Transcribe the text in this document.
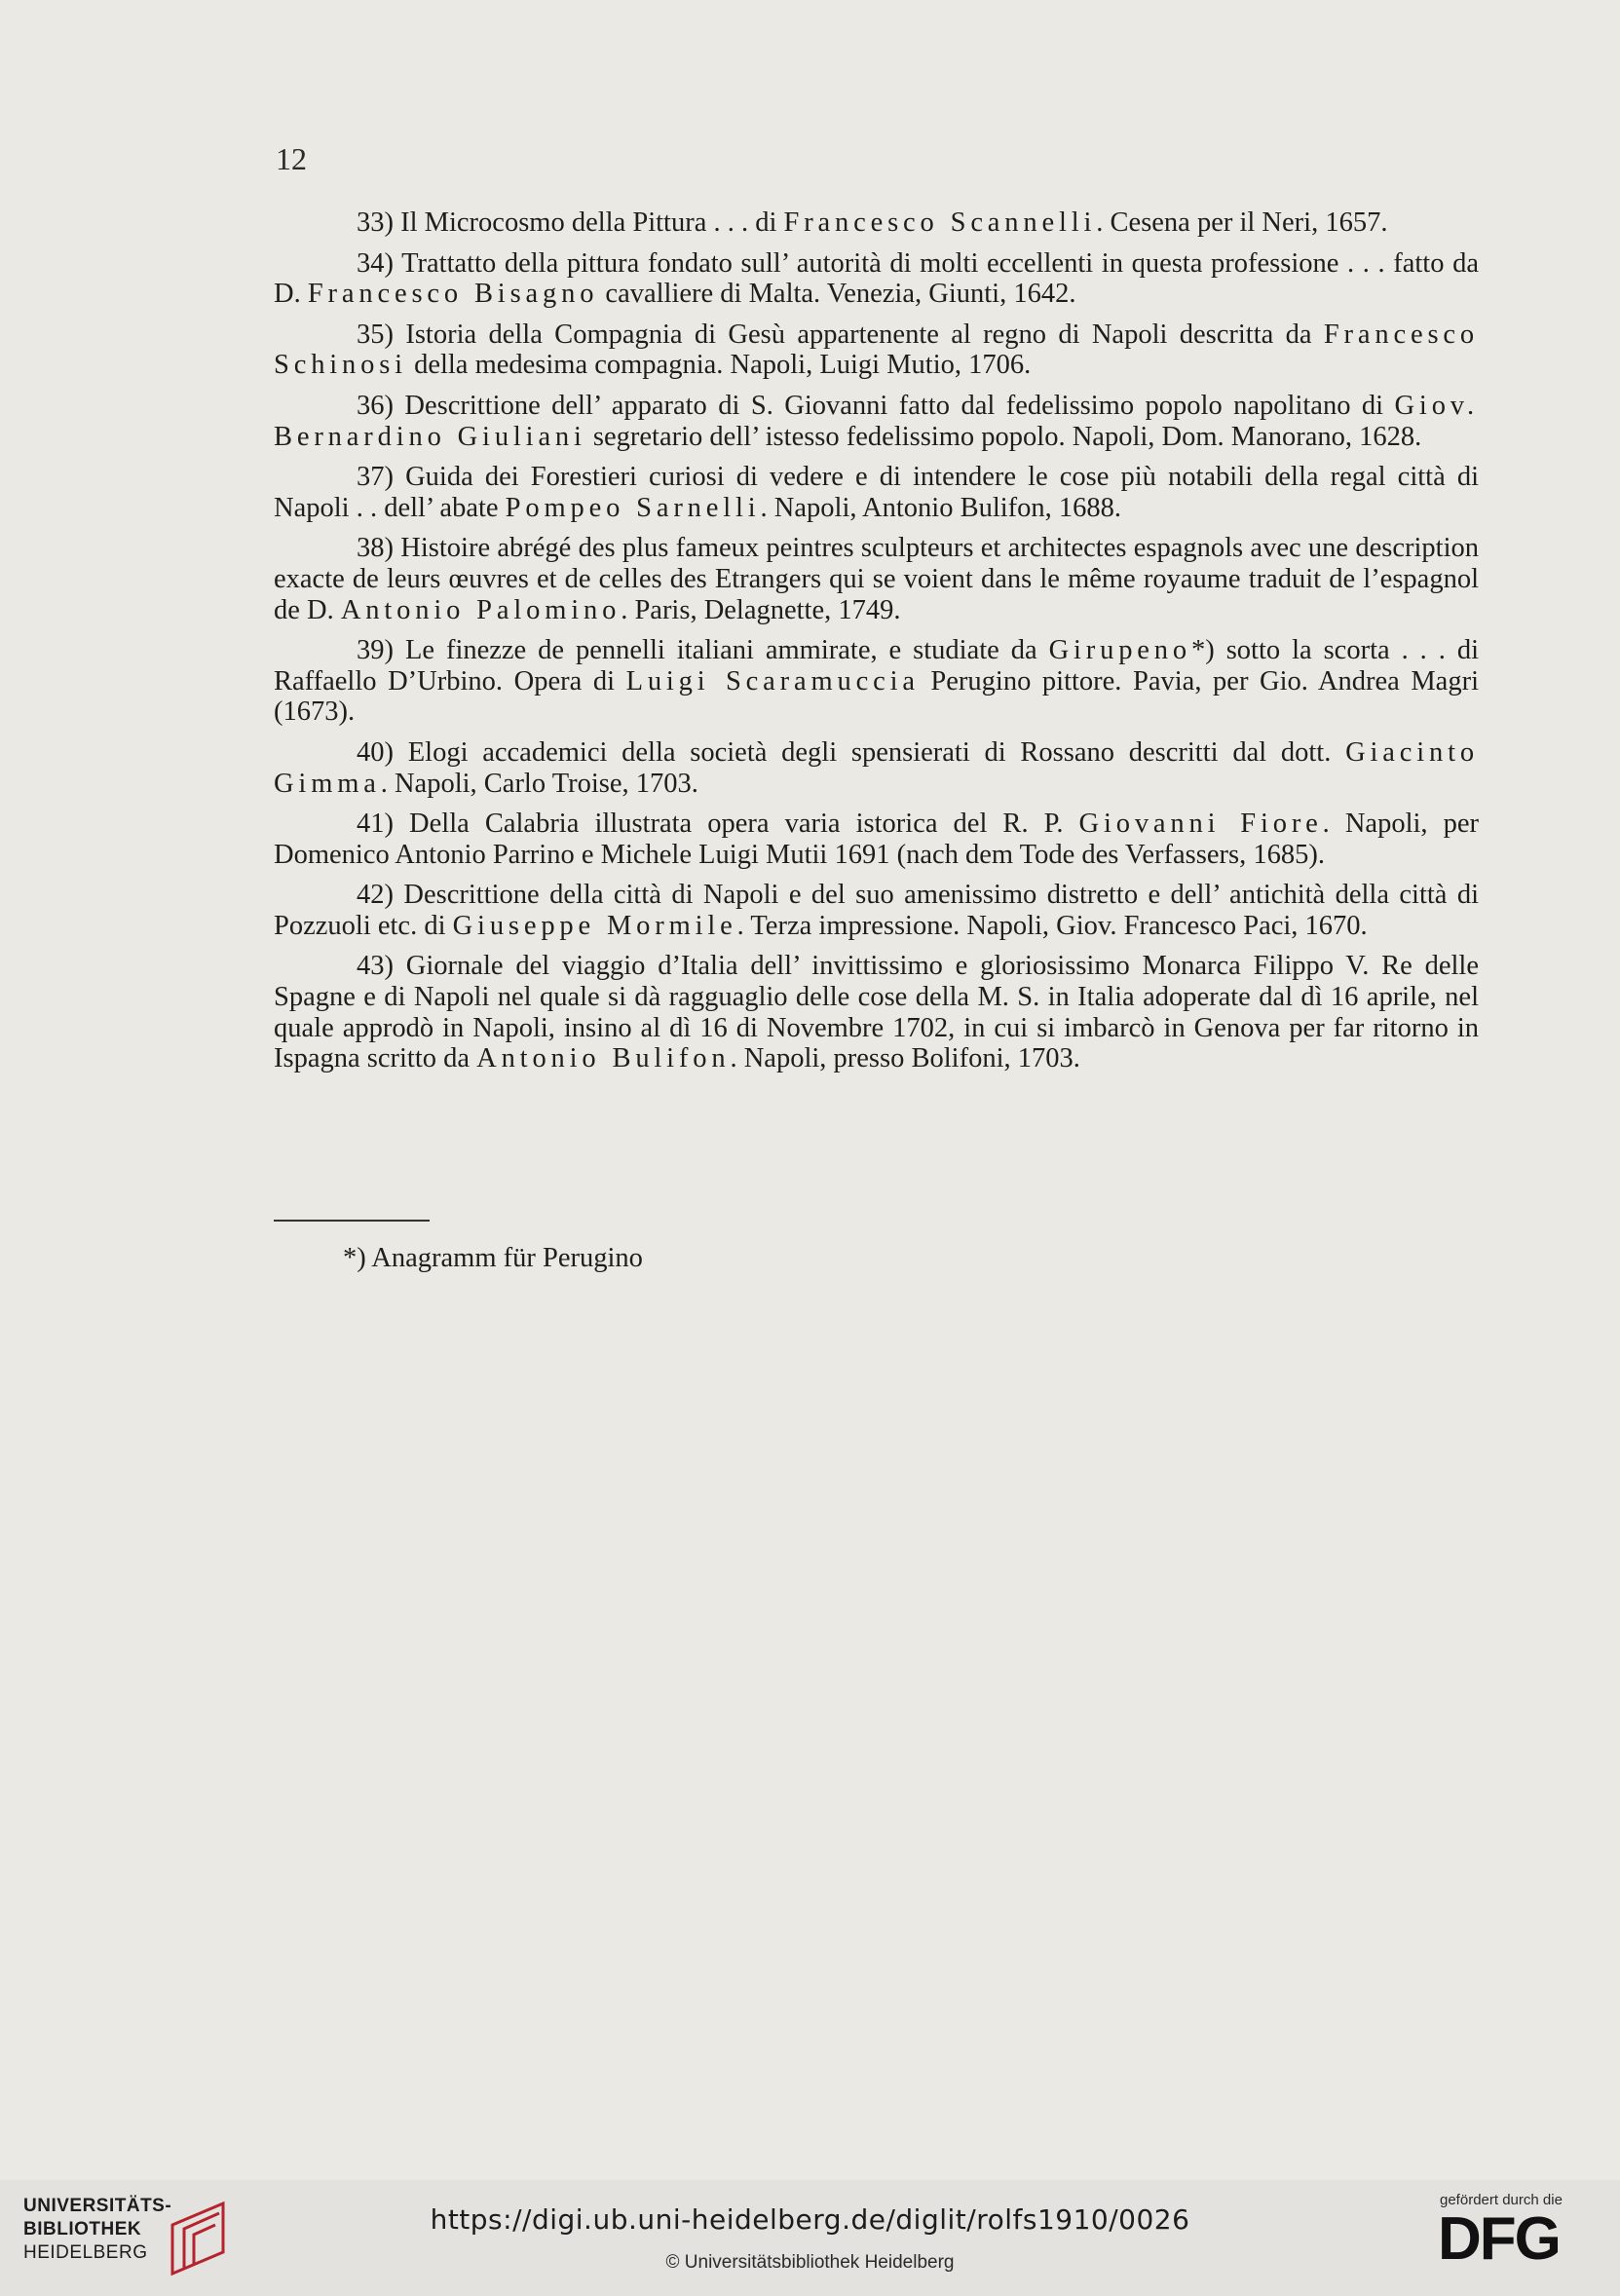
12

33) Il Microcosmo della Pittura . . . di Francesco Scannelli. Cesena per il Neri, 1657.

34) Trattatto della pittura fondato sull’ autorità di molti eccellenti in questa professione . . . fatto da D. Francesco Bisagno cavalliere di Malta. Venezia, Giunti, 1642.

35) Istoria della Compagnia di Gesù appartenente al regno di Napoli descritta da Francesco Schinosi della medesima compagnia. Napoli, Luigi Mutio, 1706.

36) Descrittione dell’ apparato di S. Giovanni fatto dal fedelissimo popolo napolitano di Giov. Bernardino Giuliani segretario dell’ istesso fedelissimo popolo. Napoli, Dom. Manorano, 1628.

37) Guida dei Forestieri curiosi di vedere e di intendere le cose più notabili della regal città di Napoli . . dell’ abate Pompeo Sarnelli. Napoli, Antonio Bulifon, 1688.

38) Histoire abrégé des plus fameux peintres sculpteurs et architectes espagnols avec une description exacte de leurs œuvres et de celles des Etrangers qui se voient dans le même royaume traduit de l’espagnol de D. Antonio Palomino. Paris, Delagnette, 1749.

39) Le finezze de pennelli italiani ammirate, e studiate da Girupeno*) sotto la scorta . . . di Raffaello D’Urbino. Opera di Luigi Scaramuccia Perugino pittore. Pavia, per Gio. Andrea Magri (1673).

40) Elogi accademici della società degli spensierati di Rossano descritti dal dott. Giacinto Gimma. Napoli, Carlo Troise, 1703.

41) Della Calabria illustrata opera varia istorica del R. P. Giovanni Fiore. Napoli, per Domenico Antonio Parrino e Michele Luigi Mutii 1691 (nach dem Tode des Verfassers, 1685).

42) Descrittione della città di Napoli e del suo amenissimo distretto e dell’ antichità della città di Pozzuoli etc. di Giuseppe Mormile. Terza impressione. Napoli, Giov. Francesco Paci, 1670.

43) Giornale del viaggio d’Italia dell’ invittissimo e gloriosissimo Monarca Filippo V. Re delle Spagne e di Napoli nel quale si dà ragguaglio delle cose della M. S. in Italia adoperate dal dì 16 aprile, nel quale approdò in Napoli, insino al dì 16 di Novembre 1702, in cui si imbarcò in Genova per far ritorno in Ispagna scritto da Antonio Bulifon. Napoli, presso Bolifoni, 1703.

*) Anagramm für Perugino
UNIVERSITÄTS-
BIBLIOTHEK
HEIDELBERG
https://digi.ub.uni-heidelberg.de/diglit/rolfs1910/0026
© Universitätsbibliothek Heidelberg
gefördert durch die
DFG
